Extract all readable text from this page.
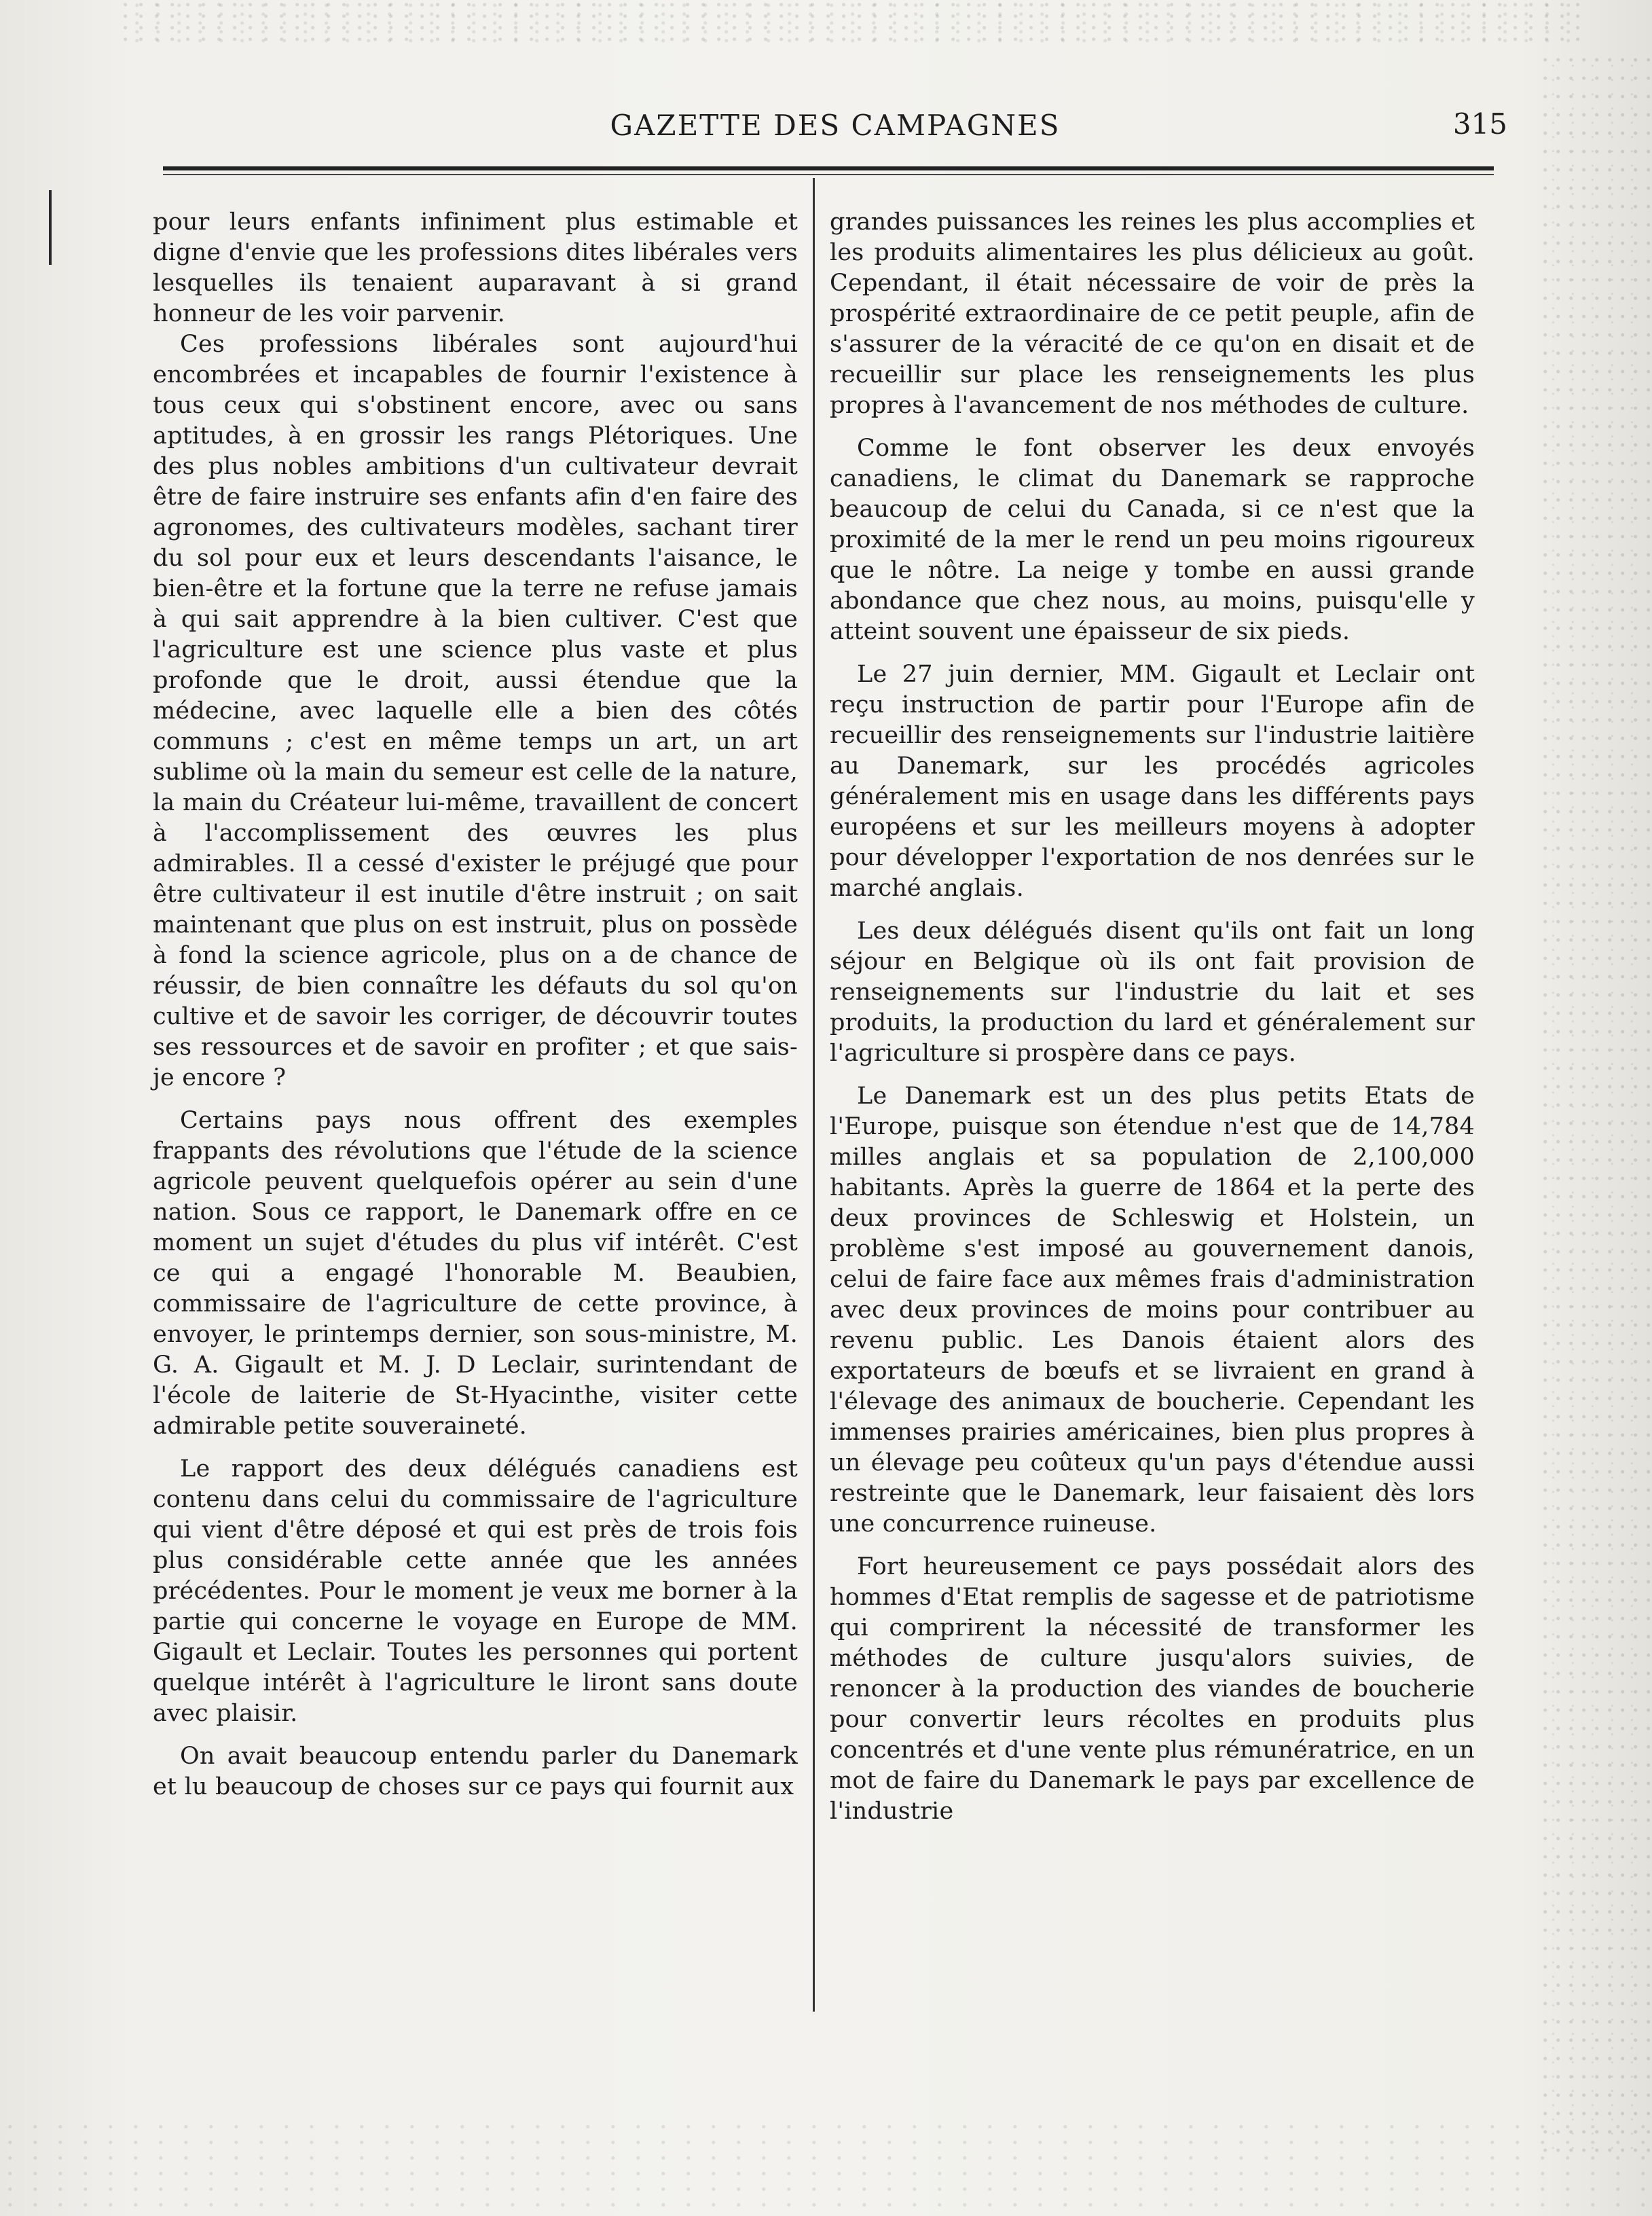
GAZETTE DES CAMPAGNES	315

pour leurs enfants infiniment plus estimable et digne d'envie que les professions dites libérales vers lesquelles ils tenaient auparavant à si grand honneur de les voir parvenir.

Ces professions libérales sont aujourd'hui encombrées et incapables de fournir l'existence à tous ceux qui s'obstinent encore, avec ou sans aptitudes, à en grossir les rangs Plétoriques. Une des plus nobles ambitions d'un cultivateur devrait être de faire instruire ses enfants afin d'en faire des agronomes, des cultivateurs modèles, sachant tirer du sol pour eux et leurs descendants l'aisance, le bien-être et la fortune que la terre ne refuse jamais à qui sait apprendre à la bien cultiver. C'est que l'agriculture est une science plus vaste et plus profonde que le droit, aussi étendue que la médecine, avec laquelle elle a bien des côtés communs ; c'est en même temps un art, un art sublime où la main du semeur est celle de la nature, la main du Créateur lui-même, travaillent de concert à l'accomplissement des œuvres les plus admirables. Il a cessé d'exister le préjugé que pour être cultivateur il est inutile d'être instruit ; on sait maintenant que plus on est instruit, plus on possède à fond la science agricole, plus on a de chance de réussir, de bien connaître les défauts du sol qu'on cultive et de savoir les corriger, de découvrir toutes ses ressources et de savoir en profiter ; et que sais-je encore ?

Certains pays nous offrent des exemples frappants des révolutions que l'étude de la science agricole peuvent quelquefois opérer au sein d'une nation. Sous ce rapport, le Danemark offre en ce moment un sujet d'études du plus vif intérêt. C'est ce qui a engagé l'honorable M. Beaubien, commissaire de l'agriculture de cette province, à envoyer, le printemps dernier, son sous-ministre, M. G. A. Gigault et M. J. D Leclair, surintendant de l'école de laiterie de St-Hyacinthe, visiter cette admirable petite souveraineté.

Le rapport des deux délégués canadiens est contenu dans celui du commissaire de l'agriculture qui vient d'être déposé et qui est près de trois fois plus considérable cette année que les années précédentes. Pour le moment je veux me borner à la partie qui concerne le voyage en Europe de MM. Gigault et Leclair. Toutes les personnes qui portent quelque intérêt à l'agriculture le liront sans doute avec plaisir.

On avait beaucoup entendu parler du Danemark et lu beaucoup de choses sur ce pays qui fournit aux

grandes puissances les reines les plus accomplies et les produits alimentaires les plus délicieux au goût. Cependant, il était nécessaire de voir de près la prospérité extraordinaire de ce petit peuple, afin de s'assurer de la véracité de ce qu'on en disait et de recueillir sur place les renseignements les plus propres à l'avancement de nos méthodes de culture.

Comme le font observer les deux envoyés canadiens, le climat du Danemark se rapproche beaucoup de celui du Canada, si ce n'est que la proximité de la mer le rend un peu moins rigoureux que le nôtre. La neige y tombe en aussi grande abondance que chez nous, au moins, puisqu'elle y atteint souvent une épaisseur de six pieds.

Le 27 juin dernier, MM. Gigault et Leclair ont reçu instruction de partir pour l'Europe afin de recueillir des renseignements sur l'industrie laitière au Danemark, sur les procédés agricoles généralement mis en usage dans les différents pays européens et sur les meilleurs moyens à adopter pour développer l'exportation de nos denrées sur le marché anglais.

Les deux délégués disent qu'ils ont fait un long séjour en Belgique où ils ont fait provision de renseignements sur l'industrie du lait et ses produits, la production du lard et généralement sur l'agriculture si prospère dans ce pays.

Le Danemark est un des plus petits Etats de l'Europe, puisque son étendue n'est que de 14,784 milles anglais et sa population de 2,100,000 habitants. Après la guerre de 1864 et la perte des deux provinces de Schleswig et Holstein, un problème s'est imposé au gouvernement danois, celui de faire face aux mêmes frais d'administration avec deux provinces de moins pour contribuer au revenu public. Les Danois étaient alors des exportateurs de bœufs et se livraient en grand à l'élevage des animaux de boucherie. Cependant les immenses prairies américaines, bien plus propres à un élevage peu coûteux qu'un pays d'étendue aussi restreinte que le Danemark, leur faisaient dès lors une concurrence ruineuse.

Fort heureusement ce pays possédait alors des hommes d'Etat remplis de sagesse et de patriotisme qui comprirent la nécessité de transformer les méthodes de culture jusqu'alors suivies, de renoncer à la production des viandes de boucherie pour convertir leurs récoltes en produits plus concentrés et d'une vente plus rémunératrice, en un mot de faire du Danemark le pays par excellence de l'industrie
